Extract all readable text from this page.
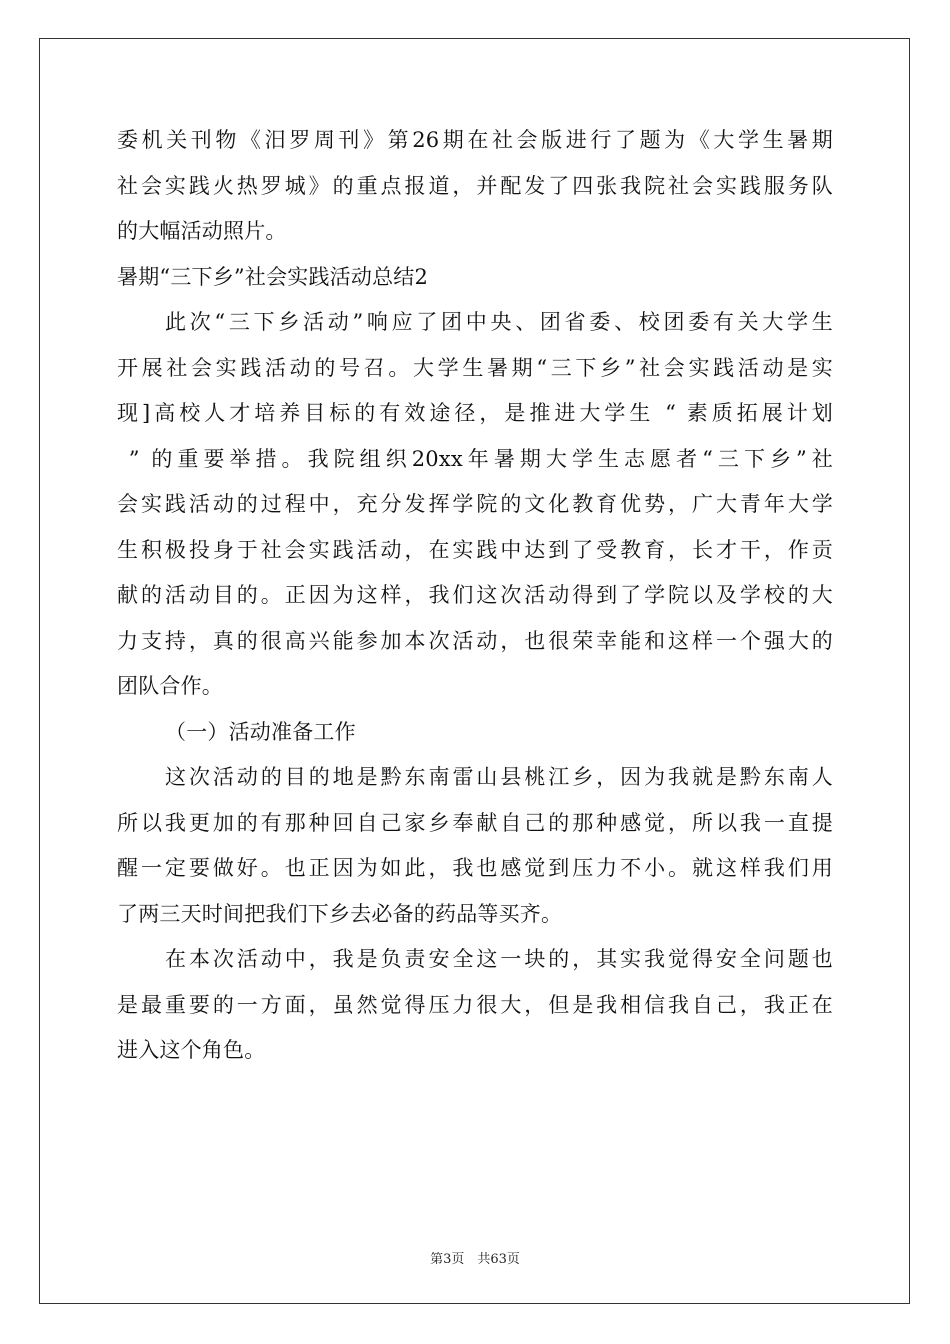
委机关刊物《汨罗周刊》第26期在社会版进行了题为《大学生暑期
社会实践火热罗城》的重点报道，并配发了四张我院社会实践服务队
的大幅活动照片。
暑期“三下乡”社会实践活动总结2
此次“三下乡活动”响应了团中央、团省委、校团委有关大学生
开展社会实践活动的号召。大学生暑期“三下乡”社会实践活动是实
现]高校人才培养目标的有效途径，是推进大学生 “ 素质拓展计划
” 的重要举措。我院组织20xx年暑期大学生志愿者“三下乡”社
会实践活动的过程中，充分发挥学院的文化教育优势，广大青年大学
生积极投身于社会实践活动，在实践中达到了受教育，长才干，作贡
献的活动目的。正因为这样，我们这次活动得到了学院以及学校的大
力支持，真的很高兴能参加本次活动，也很荣幸能和这样一个强大的
团队合作。
（一）活动准备工作
这次活动的目的地是黔东南雷山县桃江乡，因为我就是黔东南人
所以我更加的有那种回自己家乡奉献自己的那种感觉，所以我一直提
醒一定要做好。也正因为如此，我也感觉到压力不小。就这样我们用
了两三天时间把我们下乡去必备的药品等买齐。
在本次活动中，我是负责安全这一块的，其实我觉得安全问题也
是最重要的一方面，虽然觉得压力很大，但是我相信我自己，我正在
进入这个角色。
第3页　共63页
